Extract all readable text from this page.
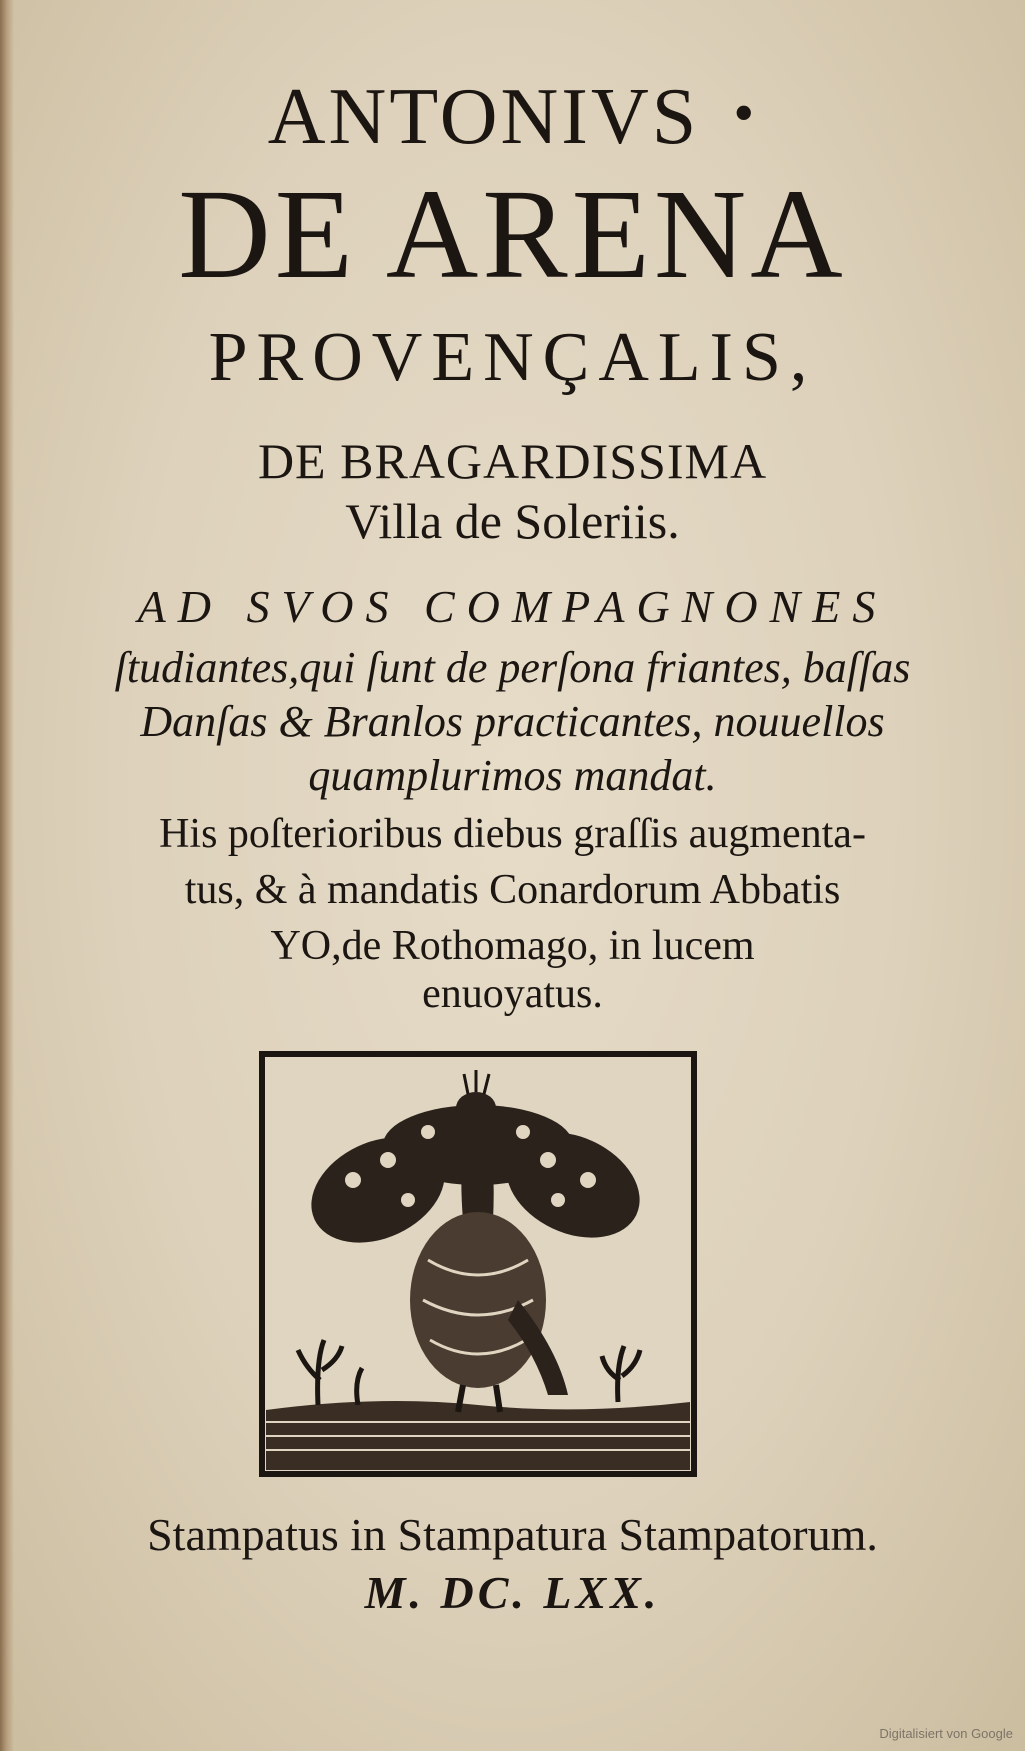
ANTONIVS •
DE ARENA
PROVENÇALIS,
DE BRAGARDISSIMA
Villa de Soleriis.
AD SVOS COMPAGNONES
ſtudiantes,qui ſunt de perſona friantes, baſſas
Danſas & Branlos practicantes, nouuellos
quamplurimos mandat.
His poſterioribus diebus graſſis augmenta-
tus, & à mandatis Conardorum Abbatis
YO,de Rothomago, in lucem
enuoyatus.
Stampatus in Stampatura Stampatorum.
M. DC. LXX.
Digitalisiert von Google
